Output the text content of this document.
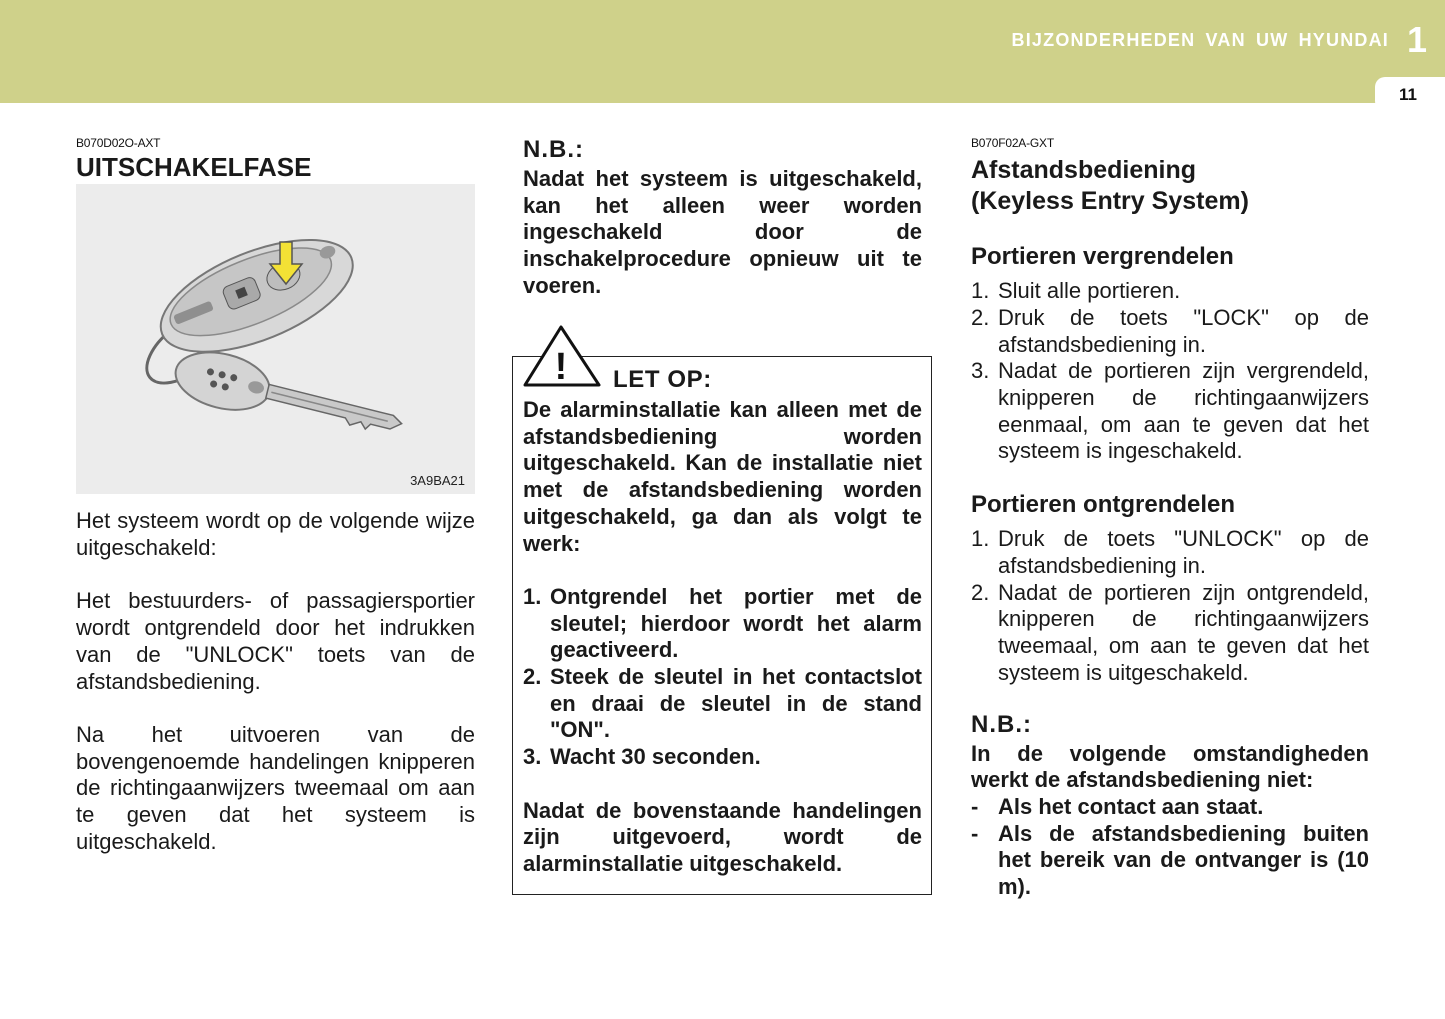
BIJZONDERHEDEN VAN UW HYUNDAI 1
11
B070D02O-AXT
UITSCHAKELFASE
3A9BA21
Het systeem wordt op de volgende wijze uitgeschakeld:
Het bestuurders- of passagiersportier wordt ontgrendeld door het indrukken van de "UNLOCK" toets van de afstandsbediening.
Na het uitvoeren van de bovengenoemde handelingen knipperen de richtingaanwijzers tweemaal om aan te geven dat het systeem is uitgeschakeld.
N.B.:
Nadat het systeem is uitgeschakeld, kan het alleen weer worden ingeschakeld door de inschakelprocedure opnieuw uit te voeren.
! LET OP:
De alarminstallatie kan alleen met de afstandsbediening worden uitgeschakeld. Kan de installatie niet met de afstandsbediening worden uitgeschakeld, ga dan als volgt te werk:
1. Ontgrendel het portier met de sleutel; hierdoor wordt het alarm geactiveerd.
2. Steek de sleutel in het contactslot en draai de sleutel in de stand "ON".
3. Wacht 30 seconden.
Nadat de bovenstaande handelingen zijn uitgevoerd, wordt de alarminstallatie uitgeschakeld.
B070F02A-GXT
Afstandsbediening
(Keyless Entry System)
Portieren vergrendelen
1. Sluit alle portieren.
2. Druk de toets "LOCK" op de afstandsbediening in.
3. Nadat de portieren zijn vergrendeld, knipperen de richtingaanwijzers eenmaal, om aan te geven dat het systeem is ingeschakeld.
Portieren ontgrendelen
1. Druk de toets "UNLOCK" op de afstandsbediening in.
2. Nadat de portieren zijn ontgrendeld, knipperen de richtingaanwijzers tweemaal, om aan te geven dat het systeem is uitgeschakeld.
N.B.:
In de volgende omstandigheden werkt de afstandsbediening niet:
- Als het contact aan staat.
- Als de afstandsbediening buiten het bereik van de ontvanger is (10 m).
